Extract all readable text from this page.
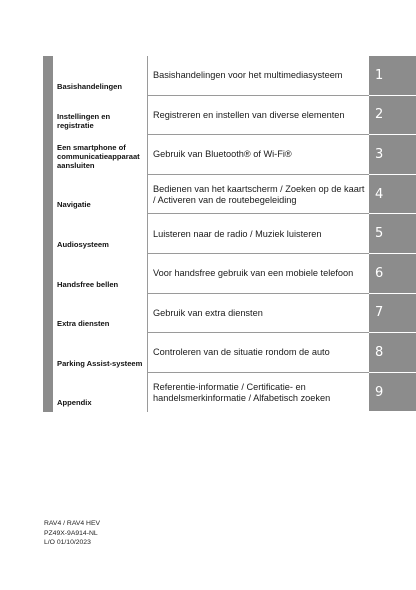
Basishandelingen
Basishandelingen voor het multimediasysteem	1
Instellingen en registratie
Registreren en instellen van diverse elementen	2
Een smartphone of communicatieapparaat aansluiten
Gebruik van Bluetooth® of Wi-Fi®	3
Navigatie
Bedienen van het kaartscherm / Zoeken op de kaart / Activeren van de routebegeleiding	4
Audiosysteem
Luisteren naar de radio / Muziek luisteren	5
Handsfree bellen
Voor handsfree gebruik van een mobiele telefoon	6
Extra diensten
Gebruik van extra diensten	7
Parking Assist-systeem
Controleren van de situatie rondom de auto	8
Appendix
Referentie-informatie / Certificatie- en handelsmerkinformatie / Alfabetisch zoeken	9
RAV4 / RAV4 HEV
PZ49X-9A914-NL
L/O 01/10/2023
